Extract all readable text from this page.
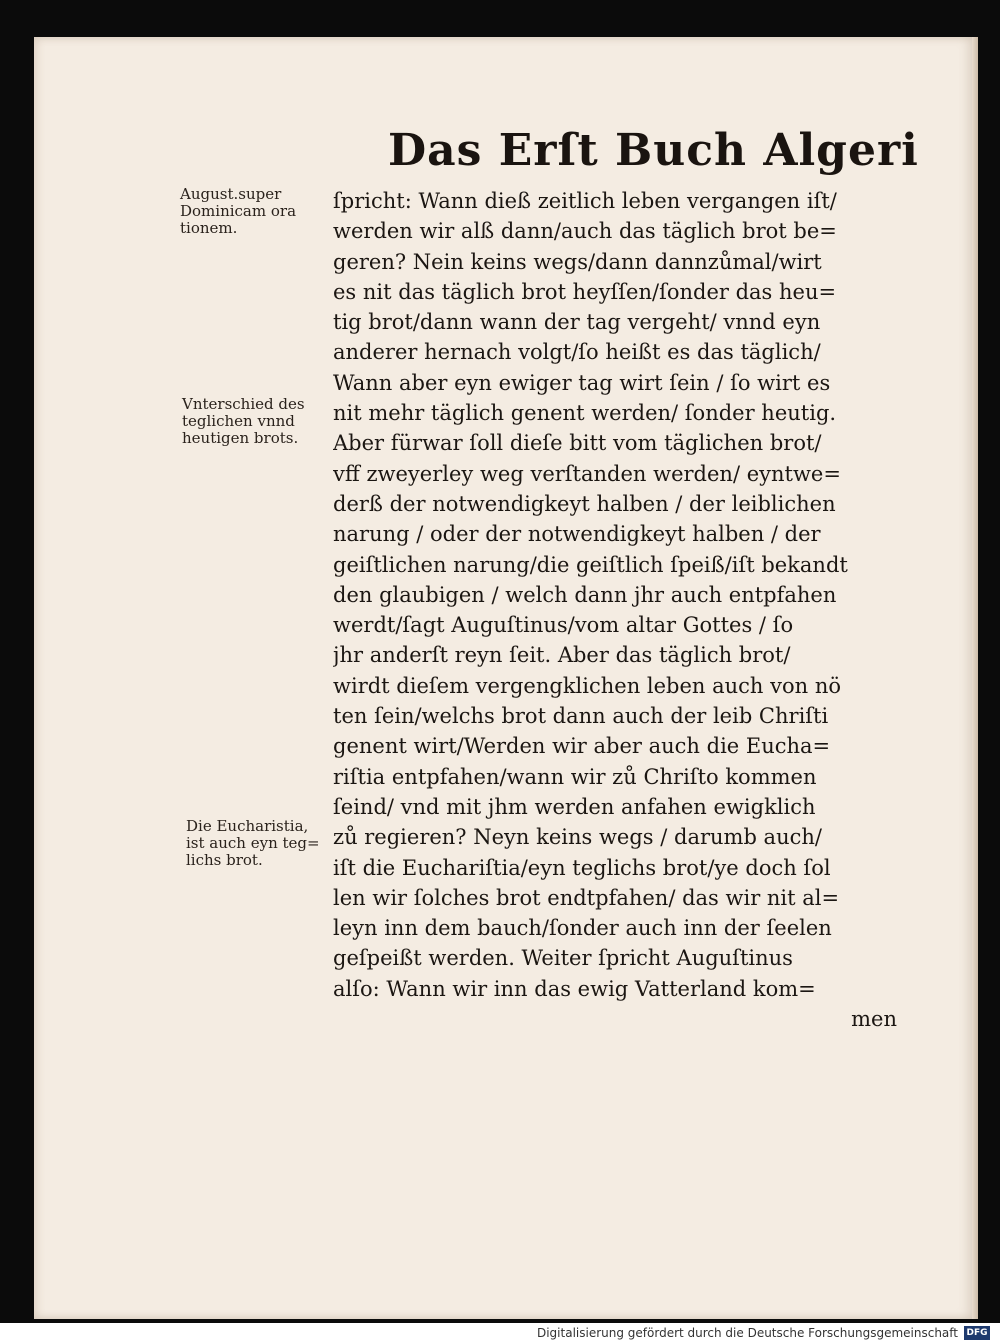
Das Erſt Buch Algeri
ſpricht: Wann dieß zeitlich leben vergangen iſt/
werden wir alß dann/auch das täglich brot be=
geren? Nein keins wegs/dann dannzůmal/wirt
es nit das täglich brot heyſſen/ſonder das heu=
tig brot/dann wann der tag vergeht/ vnnd eyn
anderer hernach volgt/ſo heißt es das täglich/
Wann aber eyn ewiger tag wirt ſein / ſo wirt es
nit mehr täglich genent werden/ ſonder heutig.
Aber fürwar ſoll dieſe bitt vom täglichen brot/
vff zweyerley weg verſtanden werden/ eyntwe=
derß der notwendigkeyt halben / der leiblichen
narung / oder der notwendigkeyt halben / der
geiſtlichen narung/die geiſtlich ſpeiß/iſt bekandt
den glaubigen / welch dann jhr auch entpfahen
werdt/ſagt Auguſtinus/vom altar Gottes / ſo
jhr anderſt reyn ſeit. Aber das täglich brot/
wirdt dieſem vergengklichen leben auch von nö
ten ſein/welchs brot dann auch der leib Chriſti
genent wirt/Werden wir aber auch die Eucha=
riſtia entpfahen/wann wir zů Chriſto kommen
ſeind/ vnd mit jhm werden anfahen ewigklich
zů regieren? Neyn keins wegs / darumb auch/
iſt die Euchariſtia/eyn teglichs brot/ye doch ſol
len wir ſolches brot endtpfahen/ das wir nit al=
leyn inn dem bauch/ſonder auch inn der ſeelen
geſpeißt werden. Weiter ſpricht Auguſtinus
alſo: Wann wir inn das ewig Vatterland kom=
men
August.super
Dominicam ora
tionem.
Vnterschied des
teglichen vnnd
heutigen brots.
Die Eucharistia,
ist auch eyn teg=
lichs brot.
Digitalisierung gefördert durch die Deutsche Forschungsgemeinschaft DFG
